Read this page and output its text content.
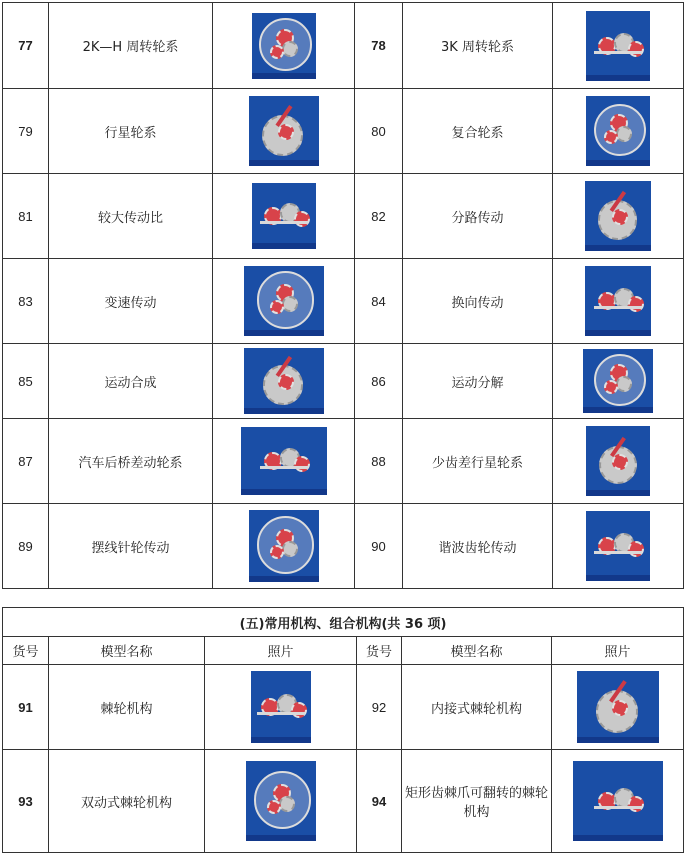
77	2K—H 周转轮系		78	3K 周转轮系	

79	行星轮系		80	复合轮系	

81	较大传动比		82	分路传动	

83	变速传动		84	换向传动	

85	运动合成		86	运动分解	

87	汽车后桥差动轮系		88	少齿差行星轮系	

89	摆线针轮传动		90	谐波齿轮传动	
(五)常用机构、组合机构(共 36 项)					
货号	模型名称	照片	货号	模型名称	照片
91	棘轮机构		92	内接式棘轮机构	

93	双动式棘轮机构		94	矩形齿棘爪可翻转的棘轮机构	
